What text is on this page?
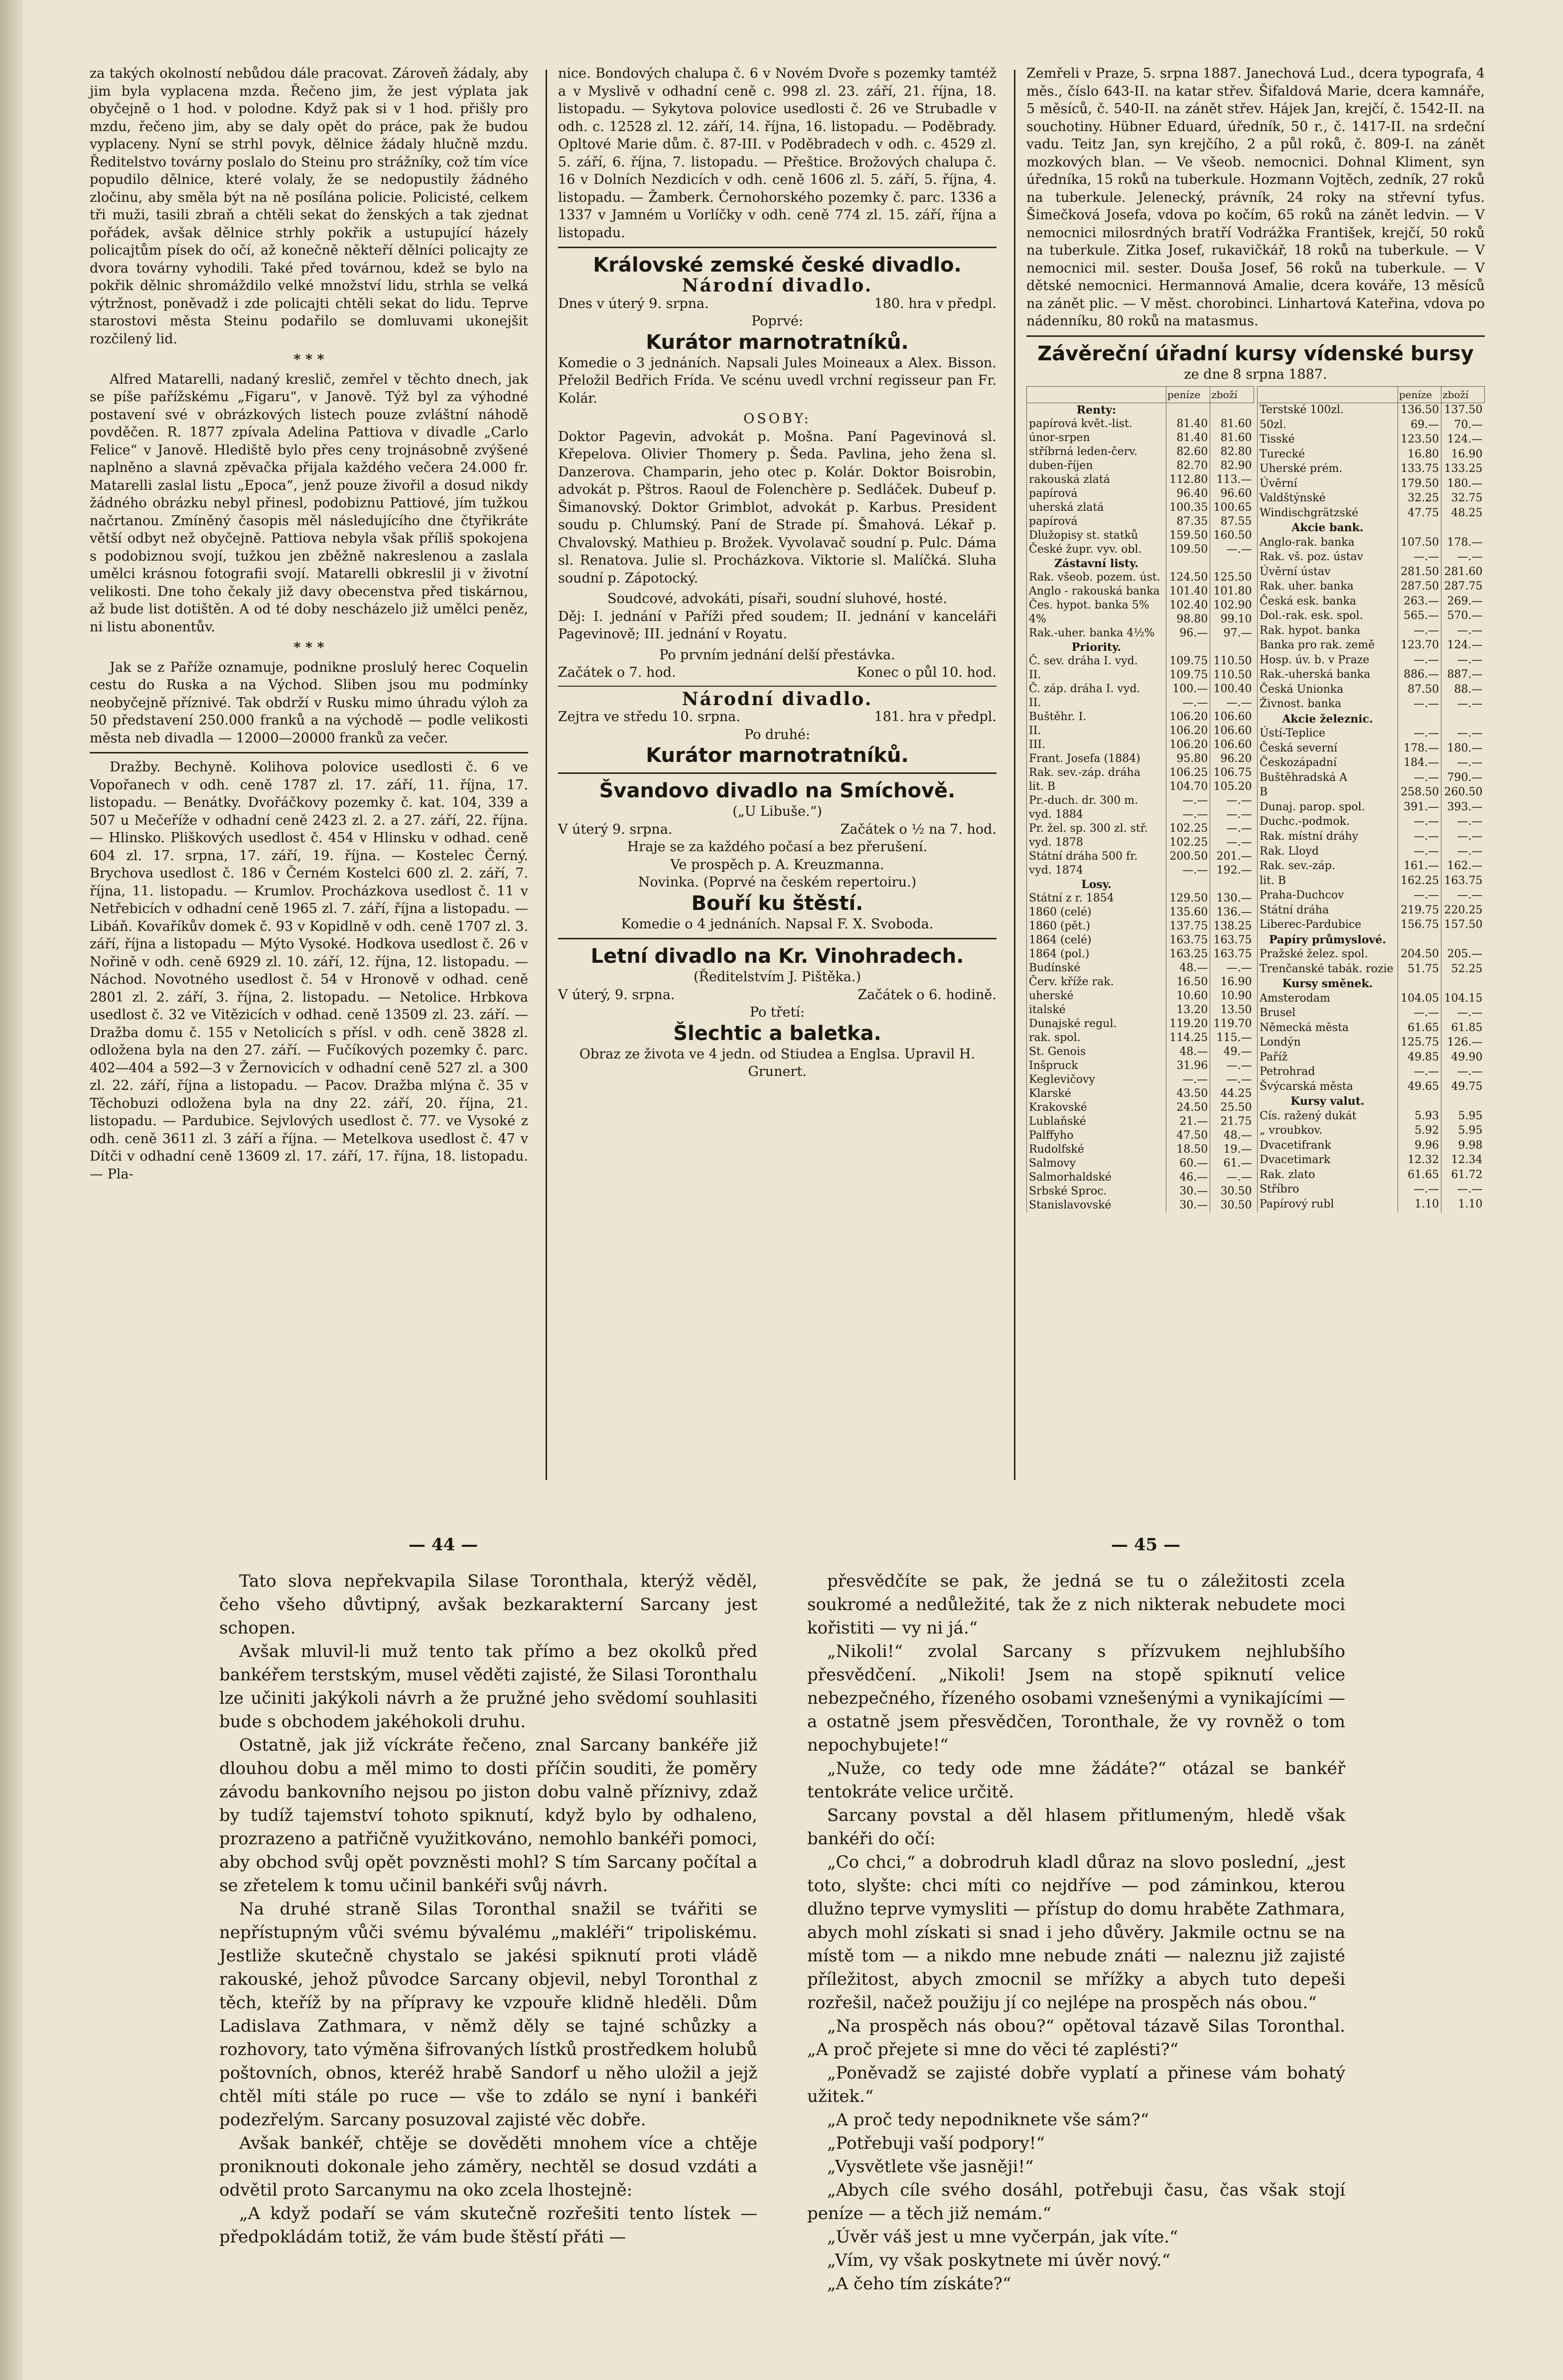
za takých okolností nebůdou dále pracovat. Zároveň žádaly, aby jim byla vyplacena mzda. Řečeno jim, že jest výplata jak obyčejně o 1 hod. v polodne. Když pak si v 1 hod. přišly pro mzdu, řečeno jim, aby se daly opět do práce, pak že budou vyplaceny. Nyní se strhl povyk, dělnice žádaly hlučně mzdu. Ředitelstvo továrny poslalo do Steinu pro strážníky, což tím více popudilo dělnice, které volaly, že se nedopustily žádného zločinu, aby směla být na ně posílána policie. Policisté, celkem tři muži, tasili zbraň a chtěli sekat do ženských a tak zjednat pořádek, avšak dělnice strhly pokřik a ustupující házely policajtům písek do očí, až konečně někteří dělníci policajty ze dvora továrny vyhodili. Také před továrnou, kdež se bylo na pokřik dělnic shromáždilo velké množství lidu, strhla se velká výtržnost, poněvadž i zde policajti chtěli sekat do lidu. Teprve starostovi města Steinu podařilo se domluvami ukonejšit rozčilený lid.

* * *

Alfred Matarelli, nadaný kreslič, zemřel v těchto dnech, jak se píše pařížskému „Figaru“, v Janově. Týž byl za výhodné postavení své v obrázkových listech pouze zvláštní náhodě povděčen. R. 1877 zpívala Adelina Pattiova v divadle „Carlo Felice“ v Janově. Hlediště bylo přes ceny trojnásobně zvýšené naplněno a slavná zpěvačka přijala každého večera 24.000 fr. Matarelli zaslal listu „Epoca“, jenž pouze živořil a dosud nikdy žádného obrázku nebyl přinesl, podobiznu Pattiové, jím tužkou načrtanou. Zmíněný časopis měl následujícího dne čtyřikráte větší odbyt než obyčejně. Pattiova nebyla však příliš spokojena s podobiznou svojí, tužkou jen zběžně nakreslenou a zaslala umělci krásnou fotografii svojí. Matarelli obkreslil ji v životní velikosti. Dne toho čekaly již davy obecenstva před tiskárnou, až bude list dotištěn. A od té doby nescházelo již umělci peněz, ni listu abonentův.

* * *

Jak se z Paříže oznamuje, podnikne proslulý herec Coquelin cestu do Ruska a na Východ. Sliben jsou mu podmínky neobyčejně příznivé. Tak obdrží v Rusku mimo úhradu výloh za 50 představení 250.000 franků a na východě — podle velikosti města neb divadla — 12000—20000 franků za večer.

Dražby. Bechyně. Kolihova polovice usedlosti č. 6 ve Vopořanech v odh. ceně 1787 zl. 17. září, 11. října, 17. listopadu. — Benátky. Dvořáčkovy pozemky č. kat. 104, 339 a 507 u Mečeříže v odhadní ceně 2423 zl. 2. a 27. září, 22. října. — Hlinsko. Pliškových usedlost č. 454 v Hlinsku v odhad. ceně 604 zl. 17. srpna, 17. září, 19. října. — Kostelec Černý. Brychova usedlost č. 186 v Černém Kostelci 600 zl. 2. září, 7. října, 11. listopadu. — Krumlov. Procházkova usedlost č. 11 v Netřebicích v odhadní ceně 1965 zl. 7. září, října a listopadu. — Libáň. Kovaříkův domek č. 93 v Kopidlně v odh. ceně 1707 zl. 3. září, října a listopadu — Mýto Vysoké. Hodkova usedlost č. 26 v Nořině v odh. ceně 6929 zl. 10. září, 12. října, 12. listopadu. — Náchod. Novotného usedlost č. 54 v Hronově v odhad. ceně 2801 zl. 2. září, 3. října, 2. listopadu. — Netolice. Hrbkova usedlost č. 32 ve Vitězicích v odhad. ceně 13509 zl. 23. září. — Dražba domu č. 155 v Netolicích s přísl. v odh. ceně 3828 zl. odložena byla na den 27. září. — Fučíkových pozemky č. parc. 402—404 a 592—3 v Žernovicích v odhadní ceně 527 zl. a 300 zl. 22. září, října a listopadu. — Pacov. Dražba mlýna č. 35 v Těchobuzi odložena byla na dny 22. září, 20. října, 21. listopadu. — Pardubice. Sejvlových usedlost č. 77. ve Vysoké z odh. ceně 3611 zl. 3 září a října. — Metelkova usedlost č. 47 v Dítči v odhadní ceně 13609 zl. 17. září, 17. října, 18. listopadu. — Pla-

nice. Bondových chalupa č. 6 v Novém Dvoře s pozemky tamtéž a v Myslivě v odhadní ceně c. 998 zl. 23. září, 21. října, 18. listopadu. — Sykytova polovice usedlosti č. 26 ve Strubadle v odh. c. 12528 zl. 12. září, 14. října, 16. listopadu. — Poděbrady. Opltové Marie dům. č. 87-III. v Poděbradech v odh. c. 4529 zl. 5. září, 6. října, 7. listopadu. — Přeštice. Brožových chalupa č. 16 v Dolních Nezdicích v odh. ceně 1606 zl. 5. září, 5. října, 4. listopadu. — Žamberk. Černohorského pozemky č. parc. 1336 a 1337 v Jamném u Vorlíčky v odh. ceně 774 zl. 15. září, října a listopadu.

Královské zemské české divadlo.
Národní divadlo.
Dnes v úterý 9. srpna.	180. hra v předpl.
Poprvé:
Kurátor marnotratníků.

Komedie o 3 jednáních. Napsali Jules Moineaux a Alex. Bisson. Přeložil Bedřich Frída. Ve scénu uvedl vrchní regisseur pan Fr. Kolár.

OSOBY:

Doktor Pagevin, advokát p. Mošna. Paní Pagevinová sl. Křepelova. Olivier Thomery p. Šeda. Pavlina, jeho žena sl. Danzerova. Champarin, jeho otec p. Kolár. Doktor Boisrobin, advokát p. Pštros. Raoul de Folenchère p. Sedláček. Dubeuf p. Šimanovský. Doktor Grimblot, advokát p. Karbus. President soudu p. Chlumský. Paní de Strade pí. Šmahová. Lékař p. Chvalovský. Mathieu p. Brožek. Vyvolavač soudní p. Pulc. Dáma sl. Renatova. Julie sl. Procházkova. Viktorie sl. Malíčká. Sluha soudní p. Zápotocký.

Soudcové, advokáti, písaři, soudní sluhové, hosté.

Děj: I. jednání v Paříži před soudem; II. jednání v kanceláři Pagevinově; III. jednání v Royatu.

Po prvním jednání delší přestávka.
Začátek o 7. hod.	Konec o půl 10. hod.
Národní divadlo.
Zejtra ve středu 10. srpna.	181. hra v předpl.
Po druhé:
Kurátor marnotratníků.
Švandovo divadlo na Smíchově.
(„U Libuše.“)
V úterý 9. srpna.	Začátek o ½ na 7. hod.
Hraje se za každého počasí a bez přerušení.
Ve prospěch p. A. Kreuzmanna.
Novinka. (Poprvé na českém repertoiru.)
Bouří ku štěstí.
Komedie o 4 jednáních. Napsal F. X. Svoboda.
Letní divadlo na Kr. Vinohradech.
(Ředitelstvím J. Pištěka.)
V úterý, 9. srpna.	Začátek o 6. hodině.
Po třetí:
Šlechtic a baletka.
Obraz ze života ve 4 jedn. od Stiudea a Englsa. Upravil H. Grunert.

Zemřeli v Praze, 5. srpna 1887. Janechová Lud., dcera typografa, 4 měs., číslo 643-II. na katar střev. Šifaldová Marie, dcera kamnáře, 5 měsíců, č. 540-II. na zánět střev. Hájek Jan, krejčí, č. 1542-II. na souchotiny. Hübner Eduard, úředník, 50 r., č. 1417-II. na srdeční vadu. Teitz Jan, syn krejčího, 2 a půl roků, č. 809-I. na zánět mozkových blan. — Ve všeob. nemocnici. Dohnal Kliment, syn úředníka, 15 roků na tuberkule. Hozmann Vojtěch, zedník, 27 roků na tuberkule. Jelenecký, právník, 24 roky na střevní tyfus. Šimečková Josefa, vdova po kočím, 65 roků na zánět ledvin. — V nemocnici milosrdných bratří Vodrážka František, krejčí, 50 roků na tuberkule. Zitka Josef, rukavičkář, 18 roků na tuberkule. — V nemocnici mil. sester. Douša Josef, 56 roků na tuberkule. — V dětské nemocnici. Hermannová Amalie, dcera kováře, 13 měsíců na zánět plic. — V měst. chorobinci. Linhartová Kateřina, vdova po nádenníku, 80 roků na matasmus.

Závěreční úřadní kursy vídenské bursy
ze dne 8 srpna 1887.
	peníze	zboží
Renty:		
papírová květ.-list.	81.40	81.60
únor-srpen	81.40	81.60
stříbrná leden-červ.	82.60	82.80
duben-říjen	82.70	82.90
rakouská zlatá	112.80	113.—
papírová	96.40	96.60
uherská zlatá	100.35	100.65
papírová	87.35	87.55
Dlužopisy st. statků	159.50	160.50
České župr. vyv. obl.	109.50	—.—
Zástavní listy.		
Rak. všeob. pozem. úst.	124.50	125.50
Anglo - rakouská banka	101.40	101.80
Čes. hypot. banka 5%	102.40	102.90
4%	98.80	99.10
Rak.-uher. banka 4½%	96.—	97.—
Priority.		
Č. sev. dráha I. vyd.	109.75	110.50
II.	109.75	110.50
Č. záp. dráha I. vyd.	100.—	100.40
II.	—.—	—.—
Buštěhr. I.	106.20	106.60
II.	106.20	106.60
III.	106.20	106.60
Frant. Josefa (1884)	95.80	96.20
Rak. sev.-záp. dráha	106.25	106.75
lit. B	104.70	105.20
Pr.-duch. dr. 300 m.	—.—	—.—
vyd. 1884	—.—	—.—
Pr. žel. sp. 300 zl. stř.	102.25	—.—
vyd. 1878	102.25	—.—
Státní dráha 500 fr.	200.50	201.—
vyd. 1874	—.—	192.—
Losy.		
Státní z r. 1854	129.50	130.—
1860 (celé)	135.60	136.—
1860 (pět.)	137.75	138.25
1864 (celé)	163.75	163.75
1864 (pol.)	163.25	163.75
Budínské	48.—	—.—
Červ. kříže rak.	16.50	16.90
uherské	10.60	10.90
italské	13.20	13.50
Dunajské regul.	119.20	119.70
rak. spol.	114.25	115.—
St. Genois	48.—	49.—
Inšpruck	31.96	—.—
Keglevičovy	—.—	—.—
Klarské	43.50	44.25
Krakovské	24.50	25.50
Lublaňské	21.—	21.75
Palffyho	47.50	48.—
Rudolfské	18.50	19.—
Salmovy	60.—	61.—
Salmorhaldské	46.—	—.—
Srbské Sproc.	30.—	30.50
Stanislavovské	30.—	30.50
	peníze	zboží
Terstské 100zl.	136.50	137.50
50zl.	69.—	70.—
Tisské	123.50	124.—
Turecké	16.80	16.90
Uherské prém.	133.75	133.25
Úvěrní	179.50	180.—
Valdštýnské	32.25	32.75
Windischgrätzské	47.75	48.25
Akcie bank.		
Anglo-rak. banka	107.50	178.—
Rak. vš. poz. ústav	—.—	—.—
Úvěrní ústav	281.50	281.60
Rak. uher. banka	287.50	287.75
Česká esk. banka	263.—	269.—
Dol.-rak. esk. spol.	565.—	570.—
Rak. hypot. banka	—.—	—.—
Banka pro rak. země	123.70	124.—
Hosp. úv. b. v Praze	—.—	—.—
Rak.-uherská banka	886.—	887.—
Česká Unionka	87.50	88.—
Živnost. banka	—.—	—.—
Akcie železnic.		
Ústí-Teplice	—.—	—.—
Česká severní	178.—	180.—
Českozápadní	184.—	—.—
Buštěhradská A	—.—	790.—
B	258.50	260.50
Dunaj. parop. spol.	391.—	393.—
Duchc.-podmok.	—.—	—.—
Rak. místní dráhy	—.—	—.—
Rak. Lloyd	—.—	—.—
Rak. sev.-záp.	161.—	162.—
lit. B	162.25	163.75
Praha-Duchcov	—.—	—.—
Státní dráha	219.75	220.25
Liberec-Pardubice	156.75	157.50
Papíry průmyslové.		
Pražské želez. spol.	204.50	205.—
Trenčanské tabák. rozie	51.75	52.25
Kursy směnek.		
Amsterodam	104.05	104.15
Brusel	—.—	—.—
Německá města	61.65	61.85
Londýn	125.75	126.—
Paříž	49.85	49.90
Petrohrad	—.—	—.—
Švýcarská města	49.65	49.75
Kursy valut.		
Cís. ražený dukát	5.93	5.95
„ vroubkov.	5.92	5.95
Dvacetifrank	9.96	9.98
Dvacetimark	12.32	12.34
Rak. zlato	61.65	61.72
Stříbro	—.—	—.—
Papírový rubl	1.10	1.10
— 44 —	— 45 —

Tato slova nepřekvapila Silase Toronthala, kterýž věděl, čeho všeho důvtipný, avšak bezkarakterní Sarcany jest schopen.

Avšak mluvil-li muž tento tak přímo a bez okolků před bankéřem terstským, musel věděti zajisté, že Silasi Toronthalu lze učiniti jakýkoli návrh a že pružné jeho svědomí souhlasiti bude s obchodem jakéhokoli druhu.

Ostatně, jak již víckráte řečeno, znal Sarcany bankéře již dlouhou dobu a měl mimo to dosti příčin souditi, že poměry závodu bankovního nejsou po jiston dobu valně příznivy, zdaž by tudíž tajemství tohoto spiknutí, když bylo by odhaleno, prozrazeno a patřičně využitkováno, nemohlo bankéři pomoci, aby obchod svůj opět povzněsti mohl? S tím Sarcany počítal a se zřetelem k tomu učinil bankéři svůj návrh.

Na druhé straně Silas Toronthal snažil se tvářiti se nepřístupným vůči svému bývalému „makléři“ tripoliskému. Jestliže skutečně chystalo se jakési spiknutí proti vládě rakouské, jehož původce Sarcany objevil, nebyl Toronthal z těch, kteříž by na přípravy ke vzpouře klidně hleděli. Dům Ladislava Zathmara, v němž děly se tajné schůzky a rozhovory, tato výměna šifrovaných lístků prostředkem holubů poštovních, obnos, kteréž hrabě Sandorf u něho uložil a jejž chtěl míti stále po ruce — vše to zdálo se nyní i bankéři podezřelým. Sarcany posuzoval zajisté věc dobře.

Avšak bankéř, chtěje se dověděti mnohem více a chtěje proniknouti dokonale jeho záměry, nechtěl se dosud vzdáti a odvětil proto Sarcanymu na oko zcela lhostejně:

„A když podaří se vám skutečně rozřešiti tento lístek — předpokládám totiž, že vám bude štěstí přáti —

přesvědčíte se pak, že jedná se tu o záležitosti zcela soukromé a nedůležité, tak že z nich nikterak nebudete moci kořistiti — vy ni já.“

„Nikoli!“ zvolal Sarcany s přízvukem nejhlubšího přesvědčení. „Nikoli! Jsem na stopě spiknutí velice nebezpečného, řízeného osobami vznešenými a vynikajícími — a ostatně jsem přesvědčen, Toronthale, že vy rovněž o tom nepochybujete!“

„Nuže, co tedy ode mne žádáte?“ otázal se bankéř tentokráte velice určitě.

Sarcany povstal a děl hlasem přitlumeným, hledě však bankéři do očí:

„Co chci,“ a dobrodruh kladl důraz na slovo poslední, „jest toto, slyšte: chci míti co nejdříve — pod záminkou, kterou dlužno teprve vymysliti — přístup do domu hraběte Zathmara, abych mohl získati si snad i jeho důvěry. Jakmile octnu se na místě tom — a nikdo mne nebude znáti — naleznu již zajisté příležitost, abych zmocnil se mřížky a abych tuto depeši rozřešil, načež použiju jí co nejlépe na prospěch nás obou.“

„Na prospěch nás obou?“ opětoval tázavě Silas Toronthal. „A proč přejete si mne do věci té zaplésti?“

„Poněvadž se zajisté dobře vyplatí a přinese vám bohatý užitek.“

„A proč tedy nepodniknete vše sám?“

„Potřebuji vaší podpory!“

„Vysvětlete vše jasněji!“

„Abych cíle svého dosáhl, potřebuji času, čas však stojí peníze — a těch již nemám.“

„Úvěr váš jest u mne vyčerpán, jak víte.“

„Vím, vy však poskytnete mi úvěr nový.“

„A čeho tím získáte?“
